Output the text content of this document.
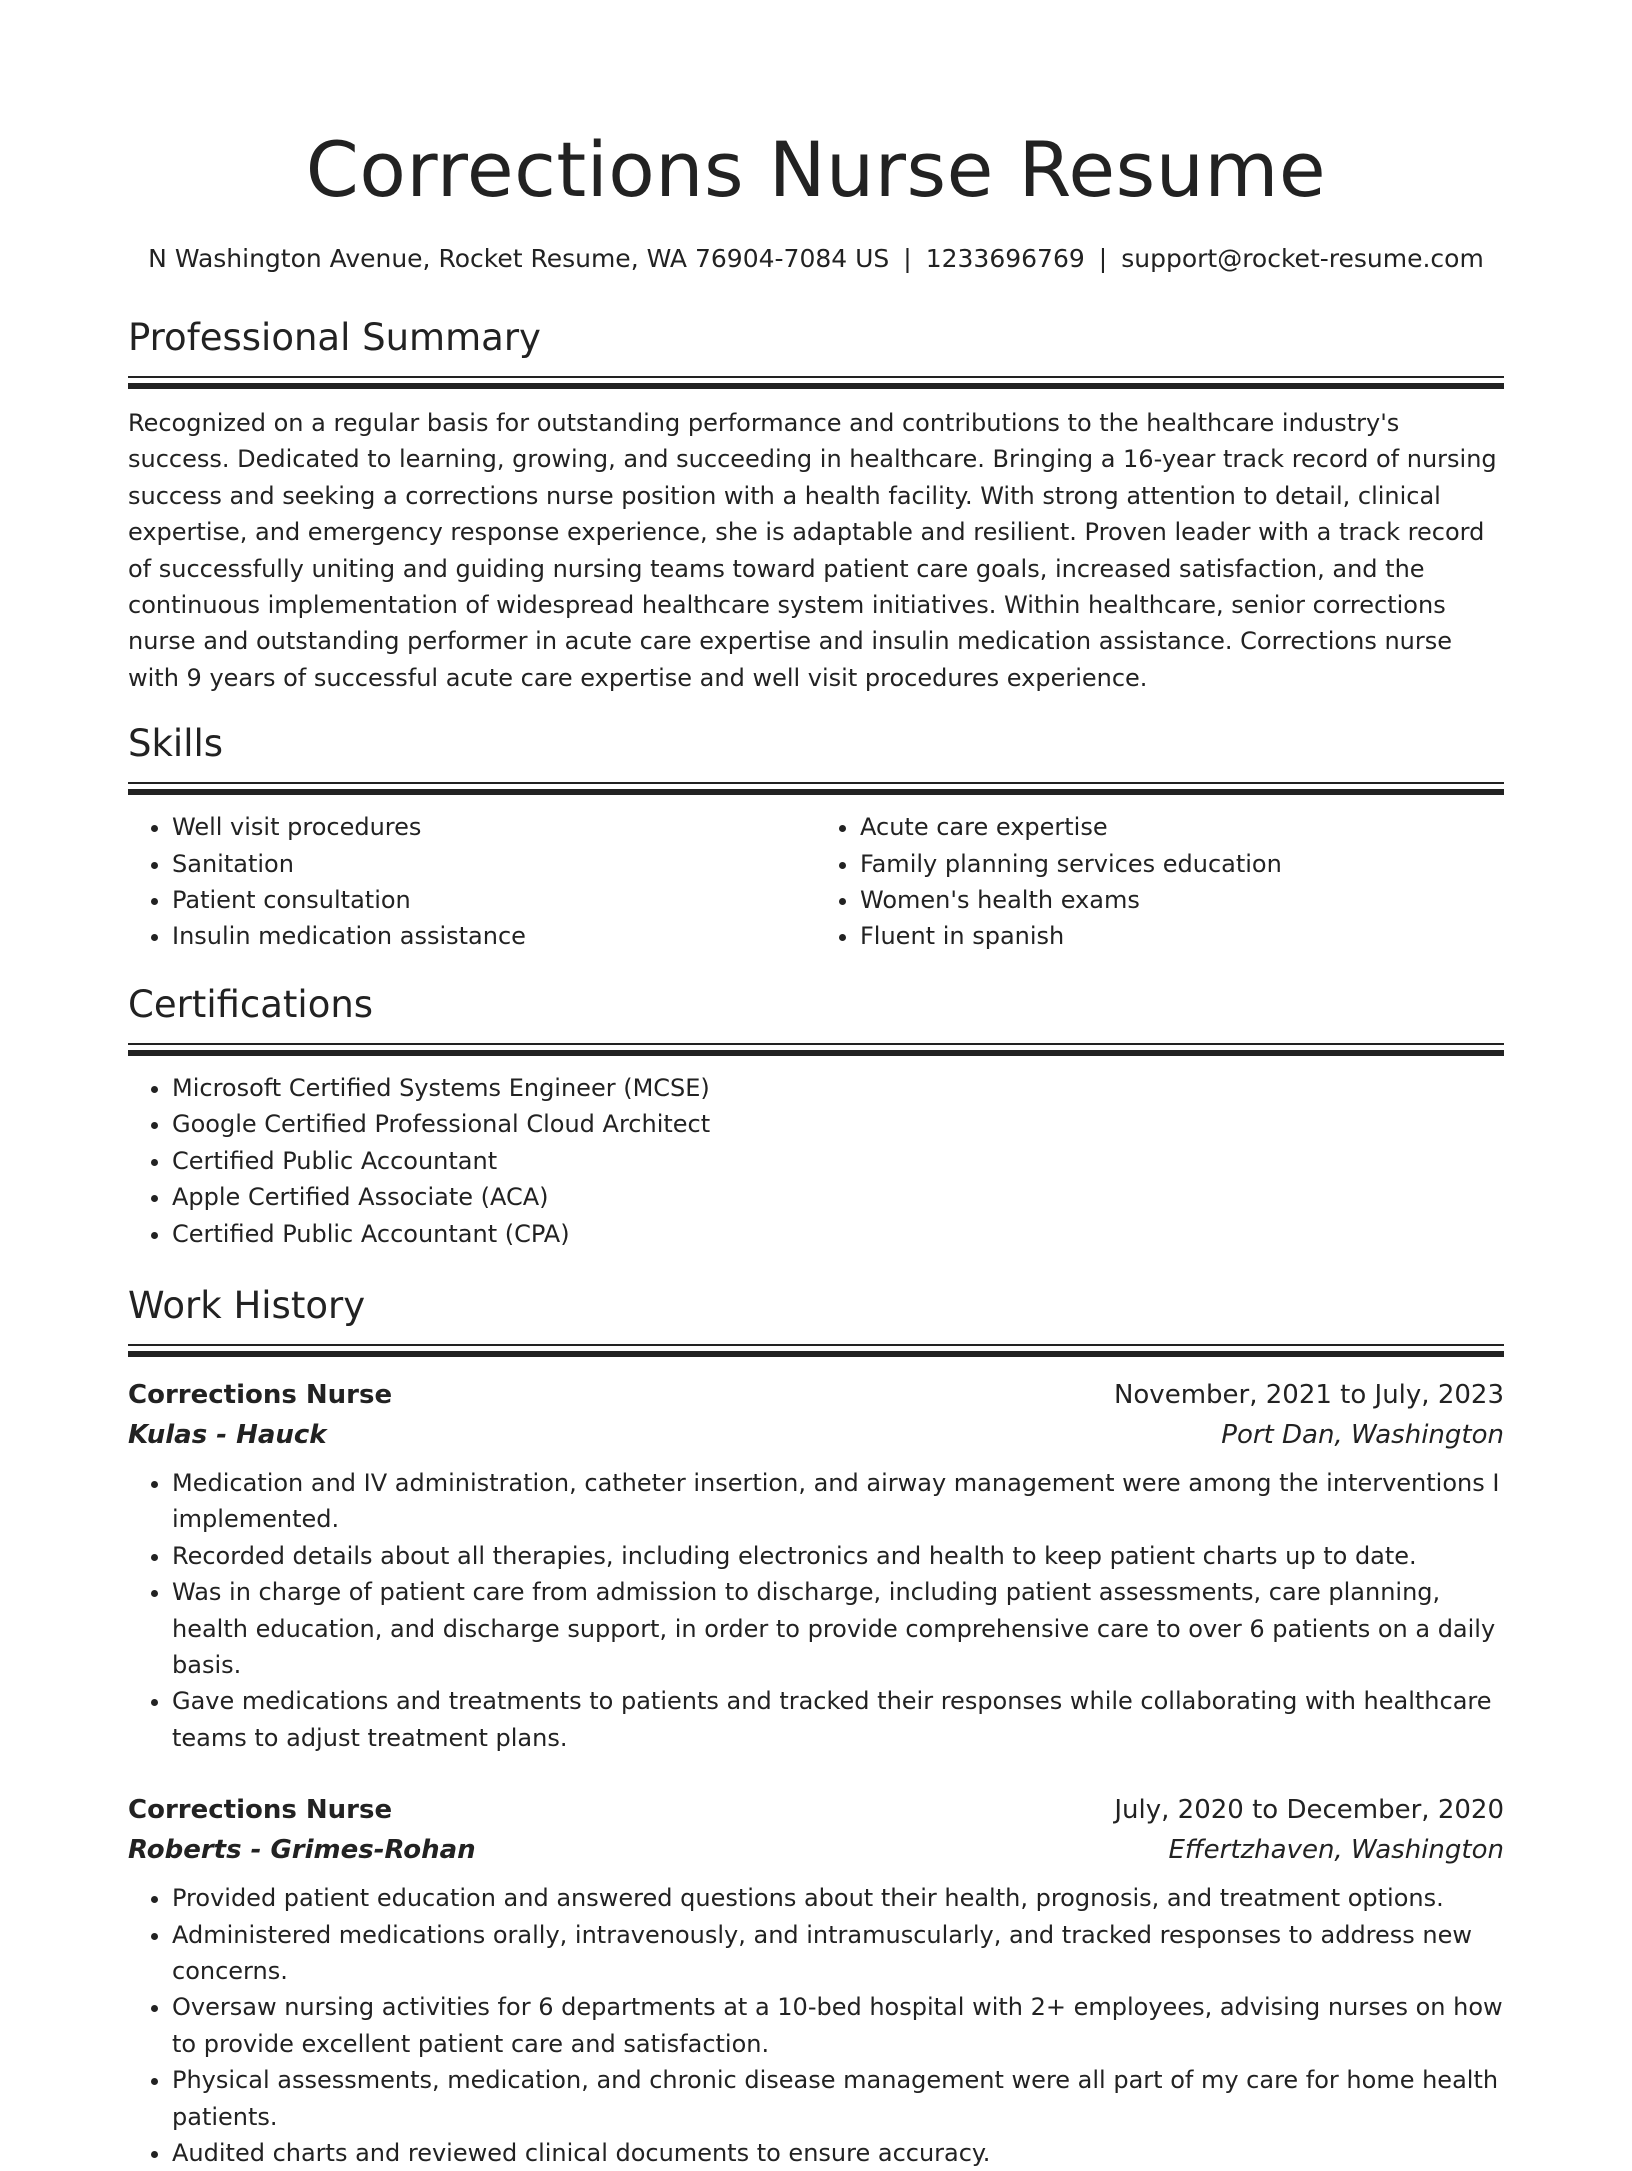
Corrections Nurse Resume
N Washington Avenue, Rocket Resume, WA 76904-7084 US | 1233696769 | support@rocket-resume.com
Professional Summary

Recognized on a regular basis for outstanding performance and contributions to the healthcare industry's success. Dedicated to learning, growing, and succeeding in healthcare. Bringing a 16-year track record of nursing success and seeking a corrections nurse position with a health facility. With strong attention to detail, clinical expertise, and emergency response experience, she is adaptable and resilient. Proven leader with a track record of successfully uniting and guiding nursing teams toward patient care goals, increased satisfaction, and the continuous implementation of widespread healthcare system initiatives. Within healthcare, senior corrections nurse and outstanding performer in acute care expertise and insulin medication assistance. Corrections nurse with 9 years of successful acute care expertise and well visit procedures experience.

Skills
• Well visit procedures
• Sanitation
• Patient consultation
• Insulin medication assistance
• Acute care expertise
• Family planning services education
• Women's health exams
• Fluent in spanish
Certifications
• Microsoft Certified Systems Engineer (MCSE)
• Google Certified Professional Cloud Architect
• Certified Public Accountant
• Apple Certified Associate (ACA)
• Certified Public Accountant (CPA)
Work History
Corrections Nurse	November, 2021 to July, 2023
Kulas - Hauck	Port Dan, Washington
• Medication and IV administration, catheter insertion, and airway management were among the interventions I implemented.
• Recorded details about all therapies, including electronics and health to keep patient charts up to date.
• Was in charge of patient care from admission to discharge, including patient assessments, care planning, health education, and discharge support, in order to provide comprehensive care to over 6 patients on a daily basis.
• Gave medications and treatments to patients and tracked their responses while collaborating with healthcare teams to adjust treatment plans.
Corrections Nurse	July, 2020 to December, 2020
Roberts - Grimes-Rohan	Effertzhaven, Washington
• Provided patient education and answered questions about their health, prognosis, and treatment options.
• Administered medications orally, intravenously, and intramuscularly, and tracked responses to address new concerns.
• Oversaw nursing activities for 6 departments at a 10-bed hospital with 2+ employees, advising nurses on how to provide excellent patient care and satisfaction.
• Physical assessments, medication, and chronic disease management were all part of my care for home health patients.
• Audited charts and reviewed clinical documents to ensure accuracy.
